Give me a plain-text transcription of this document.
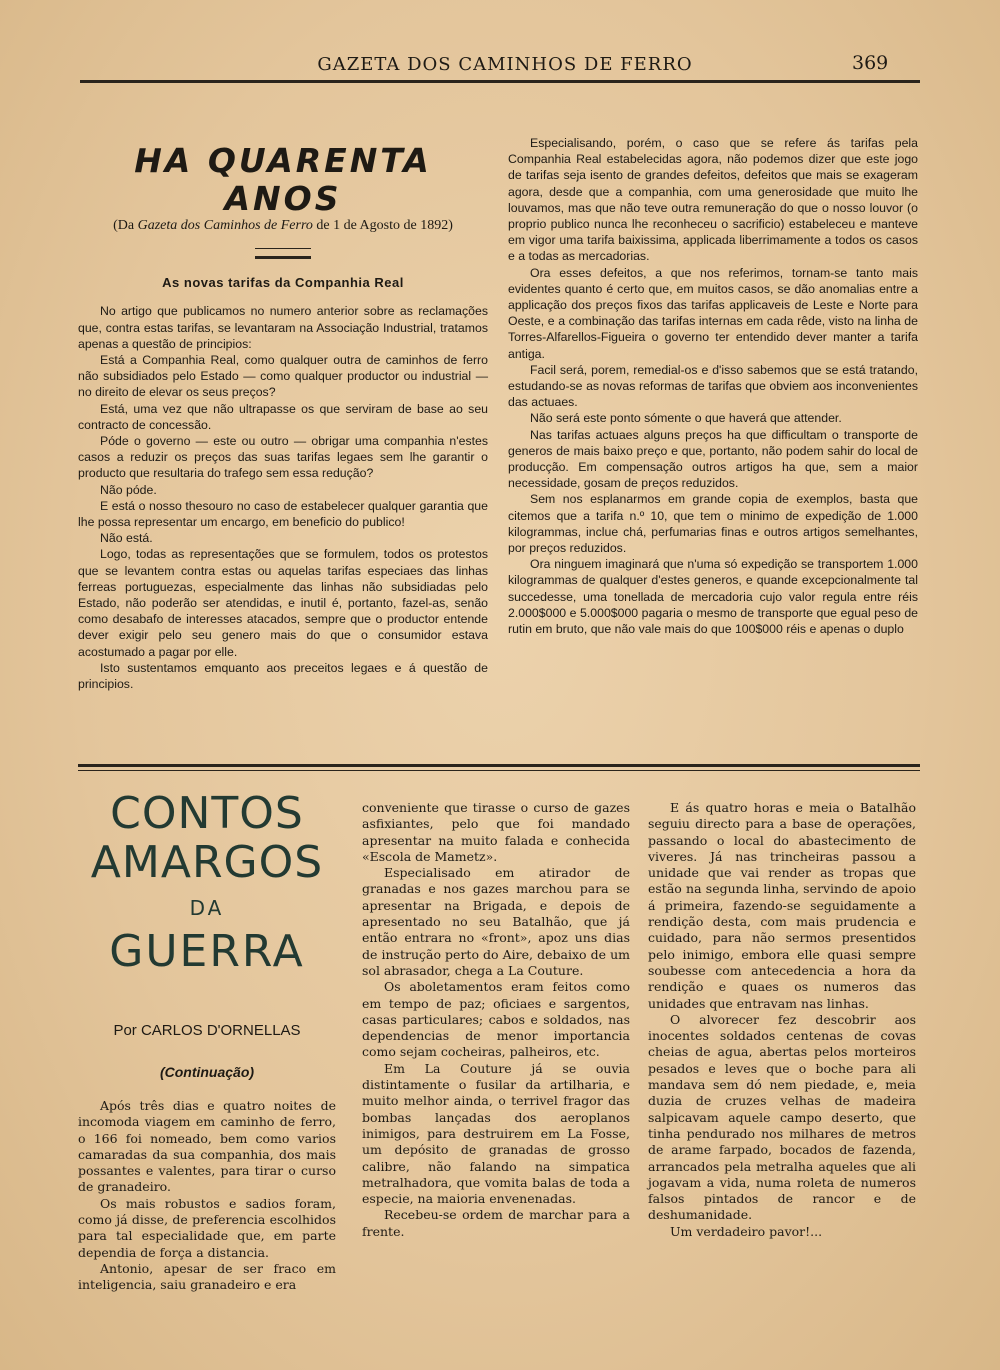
GAZETA DOS CAMINHOS DE FERRO	369
HA QUARENTA ANOS

(Da Gazeta dos Caminhos de Ferro de 1 de Agosto de 1892)

As novas tarifas da Companhia Real

No artigo que publicamos no numero anterior sobre as reclamações que, contra estas tarifas, se levantaram na Associação Industrial, tratamos apenas a questão de principios:

Está a Companhia Real, como qualquer outra de caminhos de ferro não subsidiados pelo Estado — como qualquer productor ou industrial — no direito de elevar os seus preços?

Está, uma vez que não ultrapasse os que serviram de base ao seu contracto de concessão.

Póde o governo — este ou outro — obrigar uma companhia n'estes casos a reduzir os preços das suas tarifas legaes sem lhe garantir o producto que resultaria do trafego sem essa redução?

Não póde.

E está o nosso thesouro no caso de estabelecer qualquer garantia que lhe possa representar um encargo, em beneficio do publico!

Não está.

Logo, todas as representações que se formulem, todos os protestos que se levantem contra estas ou aquelas tarifas especiaes das linhas ferreas portuguezas, especialmente das linhas não subsidiadas pelo Estado, não poderão ser atendidas, e inutil é, portanto, fazel-as, senão como desabafo de interesses atacados, sempre que o productor entende dever exigir pelo seu genero mais do que o consumidor estava acostumado a pagar por elle.

Isto sustentamos emquanto aos preceitos legaes e á questão de principios.

Especialisando, porém, o caso que se refere ás tarifas pela Companhia Real estabelecidas agora, não podemos dizer que este jogo de tarifas seja isento de grandes defeitos, defeitos que mais se exageram agora, desde que a companhia, com uma generosidade que muito lhe louvamos, mas que não teve outra remuneração do que o nosso louvor (o proprio publico nunca lhe reconheceu o sacrificio) estabeleceu e manteve em vigor uma tarifa baixissima, applicada liberrimamente a todos os casos e a todas as mercadorias.

Ora esses defeitos, a que nos referimos, tornam-se tanto mais evidentes quanto é certo que, em muitos casos, se dão anomalias entre a applicação dos preços fixos das tarifas applicaveis de Leste e Norte para Oeste, e a combinação das tarifas internas em cada rêde, visto na linha de Torres-Alfarellos-Figueira o governo ter entendido dever manter a tarifa antiga.

Facil será, porem, remedial-os e d'isso sabemos que se está tratando, estudando-se as novas reformas de tarifas que obviem aos inconvenientes das actuaes.

Não será este ponto sómente o que haverá que attender.

Nas tarifas actuaes alguns preços ha que difficultam o transporte de generos de mais baixo preço e que, portanto, não podem sahir do local de producção. Em compensação outros artigos ha que, sem a maior necessidade, gosam de preços reduzidos.

Sem nos esplanarmos em grande copia de exemplos, basta que citemos que a tarifa n.º 10, que tem o minimo de expedição de 1.000 kilogrammas, inclue chá, perfumarias finas e outros artigos semelhantes, por preços reduzidos.

Ora ninguem imaginará que n'uma só expedição se transportem 1.000 kilogrammas de qualquer d'estes generos, e quande excepcionalmente tal succedesse, uma tonellada de mercadoria cujo valor regula entre réis 2.000$000 e 5.000$000 pagaria o mesmo de transporte que egual peso de rutin em bruto, que não vale mais do que 100$000 réis e apenas o duplo

CONTOS
AMARGOS
DA
GUERRA
Por CARLOS D'ORNELLAS
(Continuação)

Após três dias e quatro noites de incomoda viagem em caminho de ferro, o 166 foi nomeado, bem como varios camaradas da sua companhia, dos mais possantes e valentes, para tirar o curso de granadeiro.

Os mais robustos e sadios foram, como já disse, de preferencia escolhidos para tal especialidade que, em parte dependia de força a distancia.

Antonio, apesar de ser fraco em inteligencia, saiu granadeiro e era

conveniente que tirasse o curso de gazes asfixiantes, pelo que foi mandado apresentar na muito falada e conhecida «Escola de Mametz».

Especialisado em atirador de granadas e nos gazes marchou para se apresentar na Brigada, e depois de apresentado no seu Batalhão, que já então entrara no «front», apoz uns dias de instrução perto do Aire, debaixo de um sol abrasador, chega a La Couture.

Os aboletamentos eram feitos como em tempo de paz; oficiaes e sargentos, casas particulares; cabos e soldados, nas dependencias de menor importancia como sejam cocheiras, palheiros, etc.

Em La Couture já se ouvia distintamente o fusilar da artilharia, e muito melhor ainda, o terrivel fragor das bombas lançadas dos aeroplanos inimigos, para destruirem em La Fosse, um depósito de granadas de grosso calibre, não falando na simpatica metralhadora, que vomita balas de toda a especie, na maioria envenenadas.

Recebeu-se ordem de marchar para a frente.

E ás quatro horas e meia o Batalhão seguiu directo para a base de operações, passando o local do abastecimento de viveres. Já nas trincheiras passou a unidade que vai render as tropas que estão na segunda linha, servindo de apoio á primeira, fazendo-se seguidamente a rendição desta, com mais prudencia e cuidado, para não sermos presentidos pelo inimigo, embora elle quasi sempre soubesse com antecedencia a hora da rendição e quaes os numeros das unidades que entravam nas linhas.

O alvorecer fez descobrir aos inocentes soldados centenas de covas cheias de agua, abertas pelos morteiros pesados e leves que o boche para ali mandava sem dó nem piedade, e, meia duzia de cruzes velhas de madeira salpicavam aquele campo deserto, que tinha pendurado nos milhares de metros de arame farpado, bocados de fazenda, arrancados pela metralha aqueles que ali jogavam a vida, numa roleta de numeros falsos pintados de rancor e de deshumanidade.

Um verdadeiro pavor!...
